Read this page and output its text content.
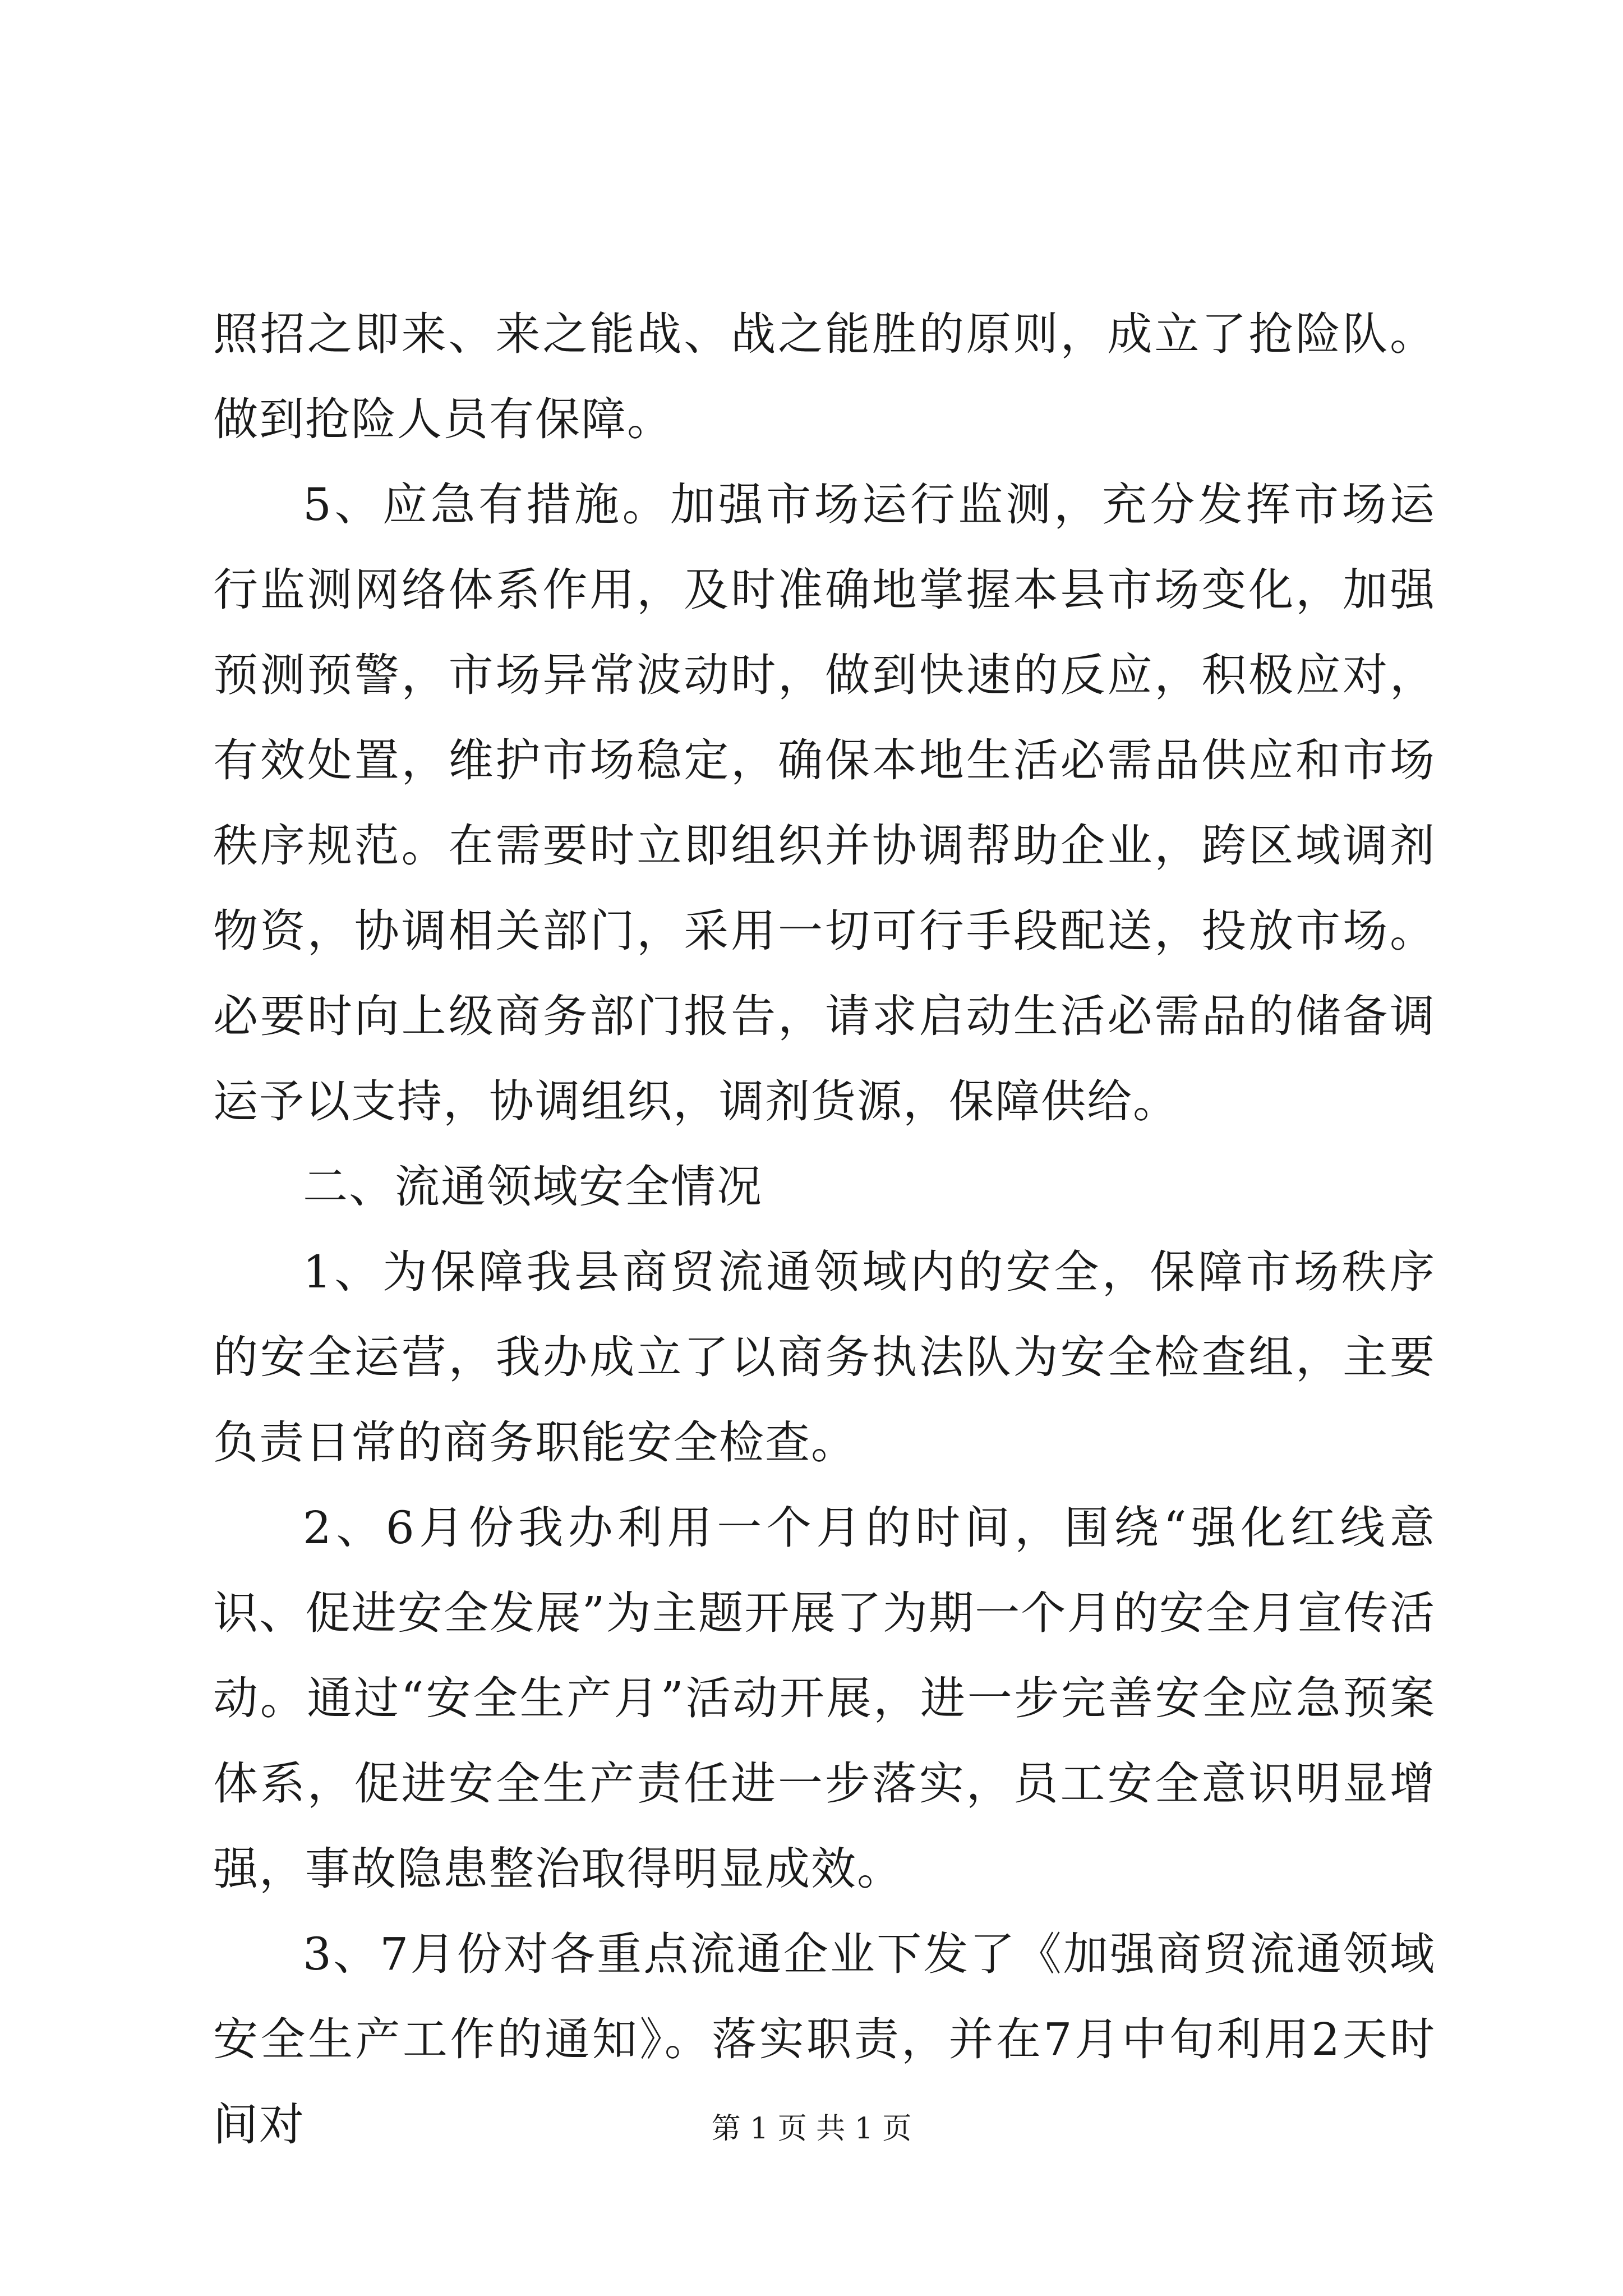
照招之即来、来之能战、战之能胜的原则，成立了抢险队。做到抢险人员有保障。

5、应急有措施。加强市场运行监测，充分发挥市场运行监测网络体系作用，及时准确地掌握本县市场变化，加强预测预警，市场异常波动时，做到快速的反应，积极应对，有效处置，维护市场稳定，确保本地生活必需品供应和市场秩序规范。在需要时立即组织并协调帮助企业，跨区域调剂物资，协调相关部门，采用一切可行手段配送，投放市场。必要时向上级商务部门报告，请求启动生活必需品的储备调运予以支持，协调组织，调剂货源，保障供给。

二、流通领域安全情况

1、为保障我县商贸流通领域内的安全，保障市场秩序的安全运营，我办成立了以商务执法队为安全检查组，主要负责日常的商务职能安全检查。

2、6月份我办利用一个月的时间，围绕“强化红线意识、促进安全发展”为主题开展了为期一个月的安全月宣传活动。通过“安全生产月”活动开展，进一步完善安全应急预案体系，促进安全生产责任进一步落实，员工安全意识明显增强，事故隐患整治取得明显成效。

3、7月份对各重点流通企业下发了《加强商贸流通领域安全生产工作的通知》。落实职责，并在7月中旬利用2天时间对	第 1 页 共 1 页
